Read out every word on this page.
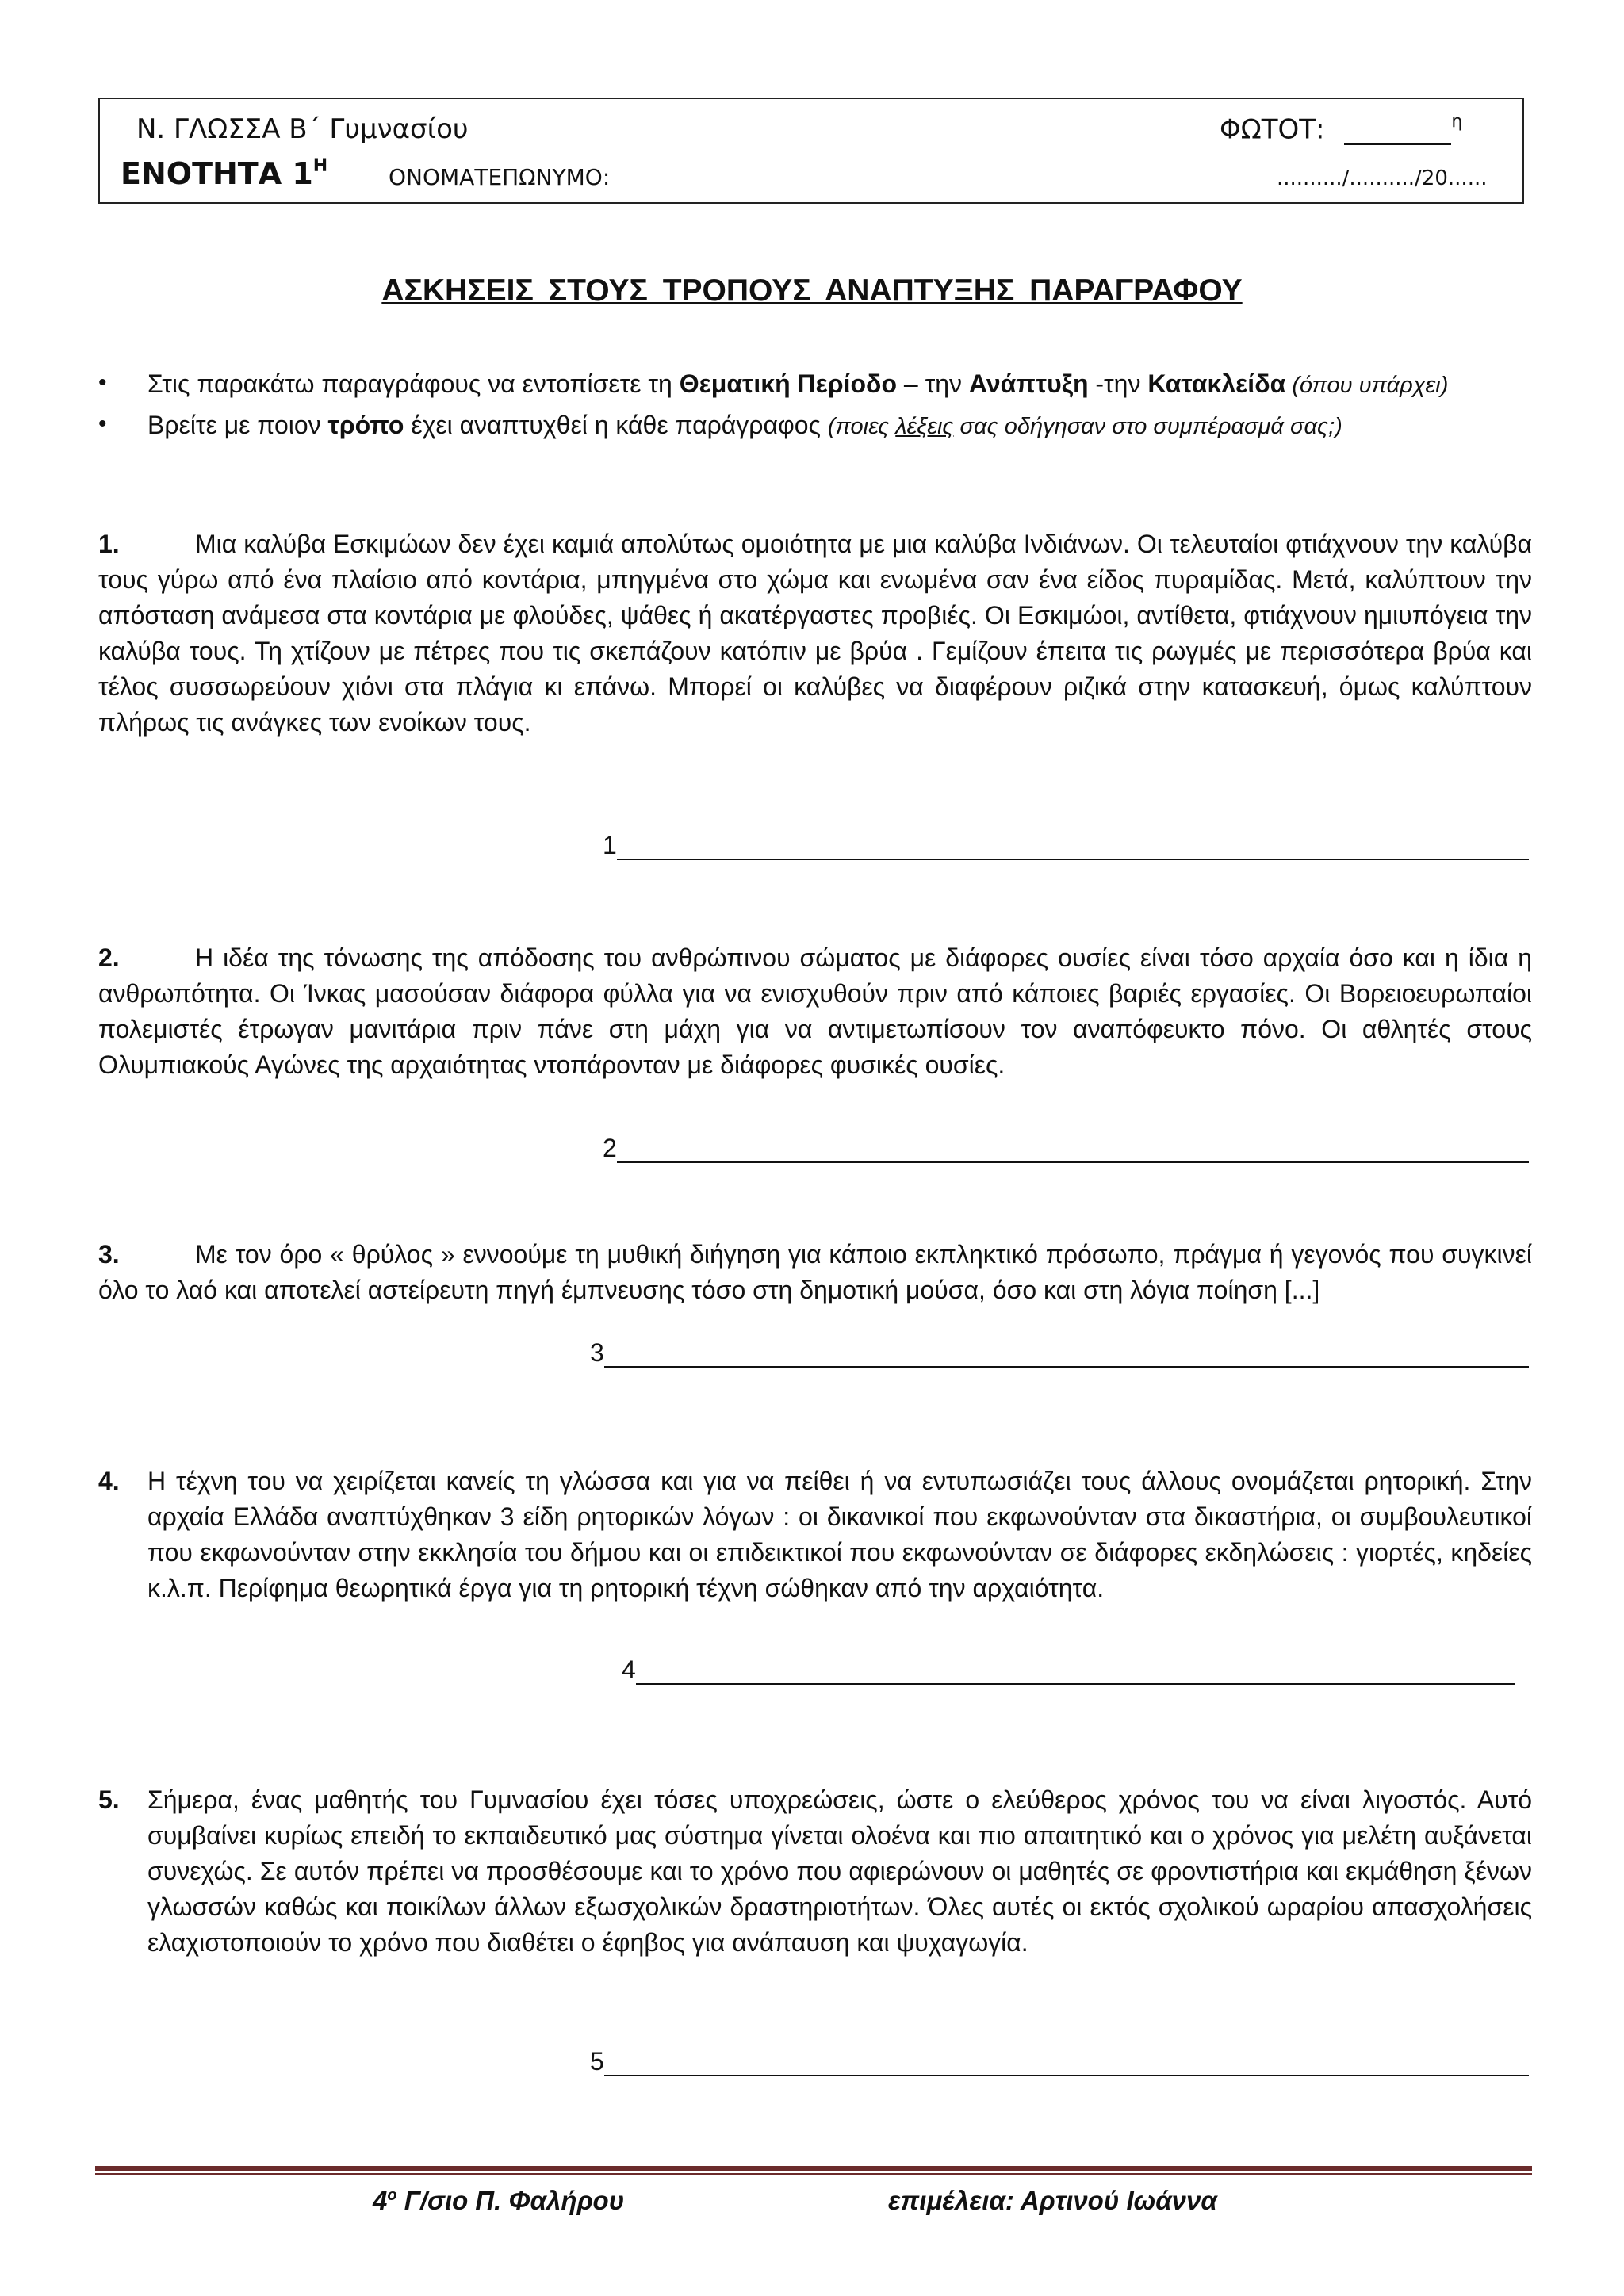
Ν. ΓΛΩΣΣΑ Β΄ Γυμνασίου
ΕΝΟΤΗΤΑ $1^H$	ΟΝΟΜΑΤΕΠΩΝΥΜΟ:
ΦΩΤΟΤ:	$^\eta$
........../........../20......
ΑΣΚΗΣΕΙΣ ΣΤΟΥΣ ΤΡΟΠΟΥΣ ΑΝΑΠΤΥΞΗΣ ΠΑΡΑΓΡΑΦΟΥ
• Στις παρακάτω παραγράφους να εντοπίσετε τη Θεματική Περίοδο – την Ανάπτυξη -την Κατακλείδα (όπου υπάρχει)
• Βρείτε με ποιον τρόπο έχει αναπτυχθεί η κάθε παράγραφος (ποιες λέξεις σας οδήγησαν στο συμπέρασμά σας;)
1.	Μια καλύβα Εσκιμώων δεν έχει καμιά απολύτως ομοιότητα με μια καλύβα Ινδιάνων. Οι τελευταίοι φτιάχνουν την καλύβα τους γύρω από ένα πλαίσιο από κοντάρια, μπηγμένα στο χώμα και ενωμένα σαν ένα είδος πυραμίδας. Μετά, καλύπτουν την απόσταση ανάμεσα στα κοντάρια με φλούδες, ψάθες ή ακατέργαστες προβιές. Οι Εσκιμώοι, αντίθετα, φτιάχνουν ημιυπόγεια την καλύβα τους. Τη χτίζουν με πέτρες που τις σκεπάζουν κατόπιν με βρύα . Γεμίζουν έπειτα τις ρωγμές με περισσότερα βρύα και τέλος συσσωρεύουν χιόνι στα πλάγια κι επάνω. Μπορεί οι καλύβες να διαφέρουν ριζικά στην κατασκευή, όμως καλύπτουν πλήρως τις ανάγκες των ενοίκων τους.
1
2.	Η ιδέα της τόνωσης της απόδοσης του ανθρώπινου σώματος με διάφορες ουσίες είναι τόσο αρχαία όσο και η ίδια η ανθρωπότητα. Οι Ίνκας μασούσαν διάφορα φύλλα για να ενισχυθούν πριν από κάποιες βαριές εργασίες. Οι Βορειοευρωπαίοι πολεμιστές έτρωγαν μανιτάρια πριν πάνε στη μάχη για να αντιμετωπίσουν τον αναπόφευκτο πόνο. Οι αθλητές στους Ολυμπιακούς Αγώνες της αρχαιότητας ντοπάρονταν με διάφορες φυσικές ουσίες.
2
3.	Με τον όρο « θρύλος » εννοούμε τη μυθική διήγηση για κάποιο εκπληκτικό πρόσωπο, πράγμα ή γεγονός που συγκινεί όλο το λαό και αποτελεί αστείρευτη πηγή έμπνευσης τόσο στη δημοτική μούσα, όσο και στη λόγια ποίηση [...]
3
4. Η τέχνη του να χειρίζεται κανείς τη γλώσσα και για να πείθει ή να εντυπωσιάζει τους άλλους ονομάζεται ρητορική. Στην αρχαία Ελλάδα αναπτύχθηκαν 3 είδη ρητορικών λόγων : οι δικανικοί που εκφωνούνταν στα δικαστήρια, οι συμβουλευτικοί που εκφωνούνταν στην εκκλησία του δήμου και οι επιδεικτικοί που εκφωνούνταν σε διάφορες εκδηλώσεις : γιορτές, κηδείες κ.λ.π. Περίφημα θεωρητικά έργα για τη ρητορική τέχνη σώθηκαν από την αρχαιότητα.
4
5. Σήμερα, ένας μαθητής του Γυμνασίου έχει τόσες υποχρεώσεις, ώστε ο ελεύθερος χρόνος του να είναι λιγοστός. Αυτό συμβαίνει κυρίως επειδή το εκπαιδευτικό μας σύστημα γίνεται ολοένα και πιο απαιτητικό και ο χρόνος για μελέτη αυξάνεται συνεχώς. Σε αυτόν πρέπει να προσθέσουμε και το χρόνο που αφιερώνουν οι μαθητές σε φροντιστήρια και εκμάθηση ξένων γλωσσών καθώς και ποικίλων άλλων εξωσχολικών δραστηριοτήτων. Όλες αυτές οι εκτός σχολικού ωραρίου απασχολήσεις ελαχιστοποιούν το χρόνο που διαθέτει ο έφηβος για ανάπαυση και ψυχαγωγία.
5
$4^o$ Γ/σιο Π. Φαλήρου	επιμέλεια: Αρτινού Ιωάννα
